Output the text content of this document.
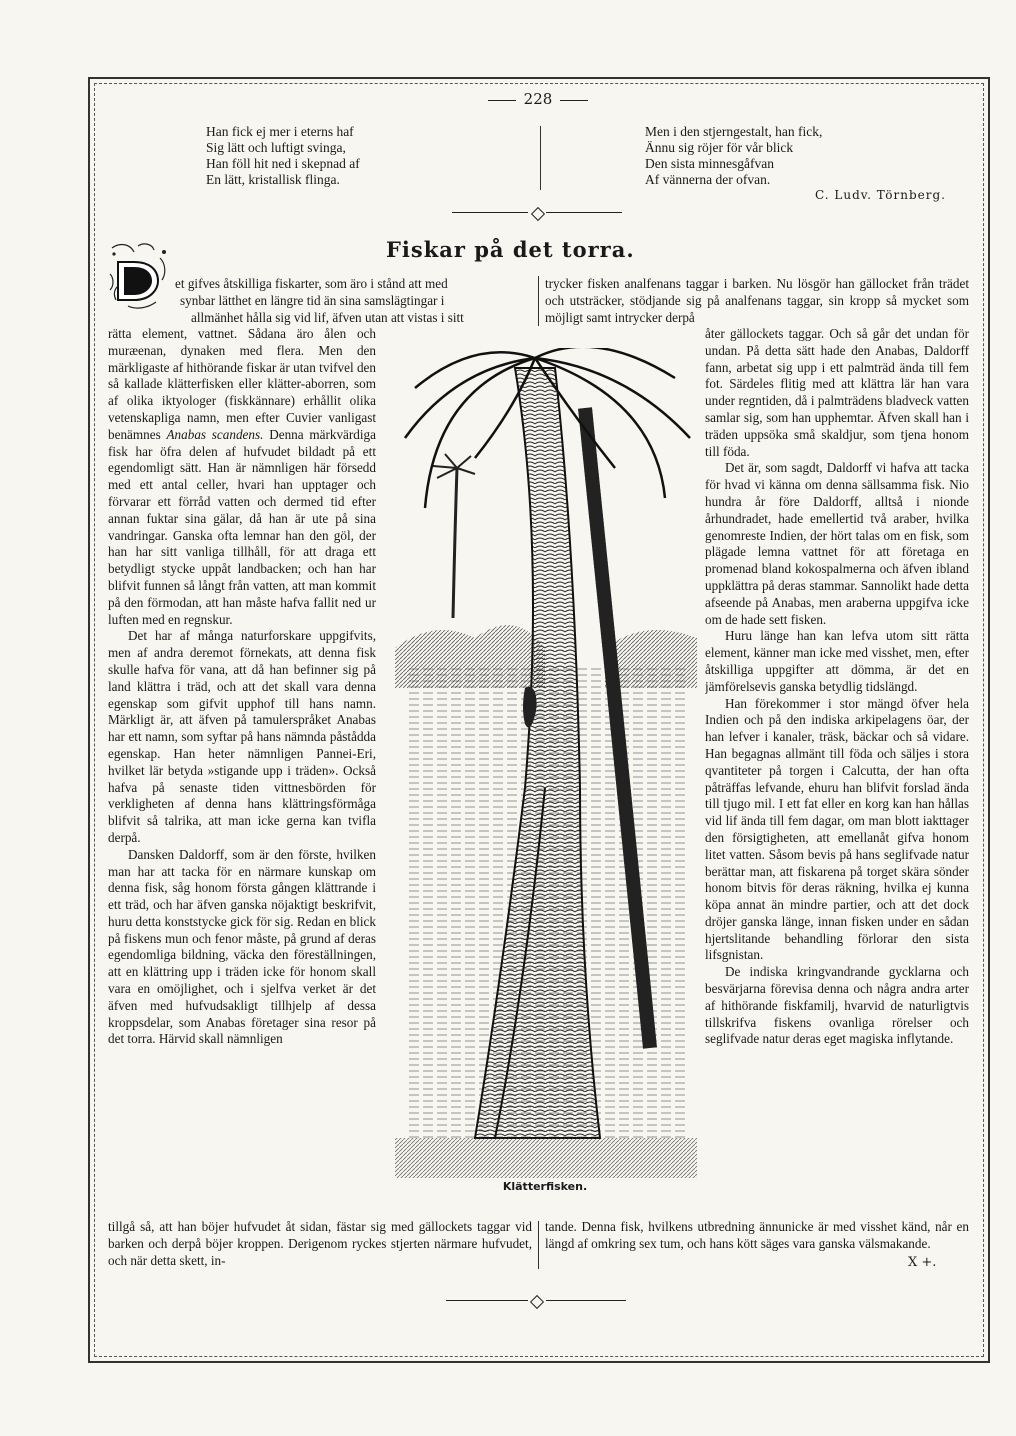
228
Han fick ej mer i eterns haf
Sig lätt och luftigt svinga,
Han föll hit ned i skepnad af
En lätt, kristallisk flinga.
Men i den stjerngestalt, han fick,
Ännu sig röjer för vår blick
Den sista minnesgåfvan
Af vännerna der ofvan.
C. Ludv. Törnberg.
Fiskar på det torra.
et gifves åtskilliga fiskarter, som äro i stånd att med
synbar lätthet en längre tid än sina samslägtingar i
allmänhet hålla sig vid lif, äfven utan att vistas i sitt
trycker fisken analfenans taggar i barken. Nu lösgör han gällocket från trädet och utsträcker, stödjande sig på analfenans taggar, sin kropp så mycket som möjligt samt intrycker derpå

rätta element, vattnet. Sådana äro ålen och muræenan, dynaken med flera. Men den märkligaste af hithörande fiskar är utan tvifvel den så kallade klätterfisken eller klätter-aborren, som af olika iktyologer (fiskkännare) erhållit olika vetenskapliga namn, men efter Cuvier vanligast benämnes Anabas scandens. Denna märkvärdiga fisk har öfra delen af hufvudet bildadt på ett egendomligt sätt. Han är nämnligen här försedd med ett antal celler, hvari han upptager och förvarar ett förråd vatten och dermed tid efter annan fuktar sina gälar, då han är ute på sina vandringar. Ganska ofta lemnar han den göl, der han har sitt vanliga tillhåll, för att draga ett betydligt stycke uppåt landbacken; och han har blifvit funnen så långt från vatten, att man kommit på den förmodan, att han måste hafva fallit ned ur luften med en regnskur.

Det har af många naturforskare uppgifvits, men af andra deremot förnekats, att denna fisk skulle hafva för vana, att då han befinner sig på land klättra i träd, och att det skall vara denna egenskap som gifvit upphof till hans namn. Märkligt är, att äfven på tamulerspråket Anabas har ett namn, som syftar på hans nämnda påstådda egenskap. Han heter nämnligen Pannei-Eri, hvilket lär betyda »stigande upp i träden». Också hafva på senaste tiden vittnesbörden för verkligheten af denna hans klättringsförmåga blifvit så talrika, att man icke gerna kan tvifla derpå.

Dansken Daldorff, som är den förste, hvilken man har att tacka för en närmare kunskap om denna fisk, såg honom första gången klättrande i ett träd, och har äfven ganska nöjaktigt beskrifvit, huru detta konststycke gick för sig. Redan en blick på fiskens mun och fenor måste, på grund af deras egendomliga bildning, väcka den föreställningen, att en klättring upp i träden icke för honom skall vara en omöjlighet, och i sjelfva verket är det äfven med hufvudsakligt tillhjelp af dessa kroppsdelar, som Anabas företager sina resor på det torra. Härvid skall nämnligen

Klätterfisken.

åter gällockets taggar. Och så går det undan för undan. På detta sätt hade den Anabas, Daldorff fann, arbetat sig upp i ett palmträd ända till fem fot. Särdeles flitig med att klättra lär han vara under regntiden, då i palmträdens bladveck vatten samlar sig, som han upphemtar. Äfven skall han i träden uppsöka små skaldjur, som tjena honom till föda.

Det är, som sagdt, Daldorff vi hafva att tacka för hvad vi känna om denna sällsamma fisk. Nio hundra år före Daldorff, alltså i nionde århundradet, hade emellertid två araber, hvilka genomreste Indien, der hört talas om en fisk, som plägade lemna vattnet för att företaga en promenad bland kokospalmerna och äfven ibland uppklättra på deras stammar. Sannolikt hade detta afseende på Anabas, men araberna uppgifva icke om de hade sett fisken.

Huru länge han kan lefva utom sitt rätta element, känner man icke med visshet, men, efter åtskilliga uppgifter att dömma, är det en jämförelsevis ganska betydlig tidslängd.

Han förekommer i stor mängd öfver hela Indien och på den indiska arkipelagens öar, der han lefver i kanaler, träsk, bäckar och så vidare. Han begagnas allmänt till föda och säljes i stora qvantiteter på torgen i Calcutta, der han ofta påträffas lefvande, ehuru han blifvit forslad ända till tjugo mil. I ett fat eller en korg kan han hållas vid lif ända till fem dagar, om man blott iakttager den försigtigheten, att emellanåt gifva honom litet vatten. Såsom bevis på hans seglifvade natur berättar man, att fiskarena på torget skära sönder honom bitvis för deras räkning, hvilka ej kunna köpa annat än mindre partier, och att det dock dröjer ganska länge, innan fisken under en sådan hjertslitande behandling förlorar den sista lifsgnistan.

De indiska kringvandrande gycklarna och besvärjarna förevisa denna och några andra arter af hithörande fiskfamilj, hvarvid de naturligtvis tillskrifva fiskens ovanliga rörelser och seglifvade natur deras eget magiska inflytande.

tillgå så, att han böjer hufvudet åt sidan, fästar sig med gällockets taggar vid barken och derpå böjer kroppen. Derigenom ryckes stjerten närmare hufvudet, och när detta skett, in-
tande. Denna fisk, hvilkens utbredning ännunicke är med visshet känd, når en längd af omkring sex tum, och hans kött säges vara ganska välsmakande.
X +.
